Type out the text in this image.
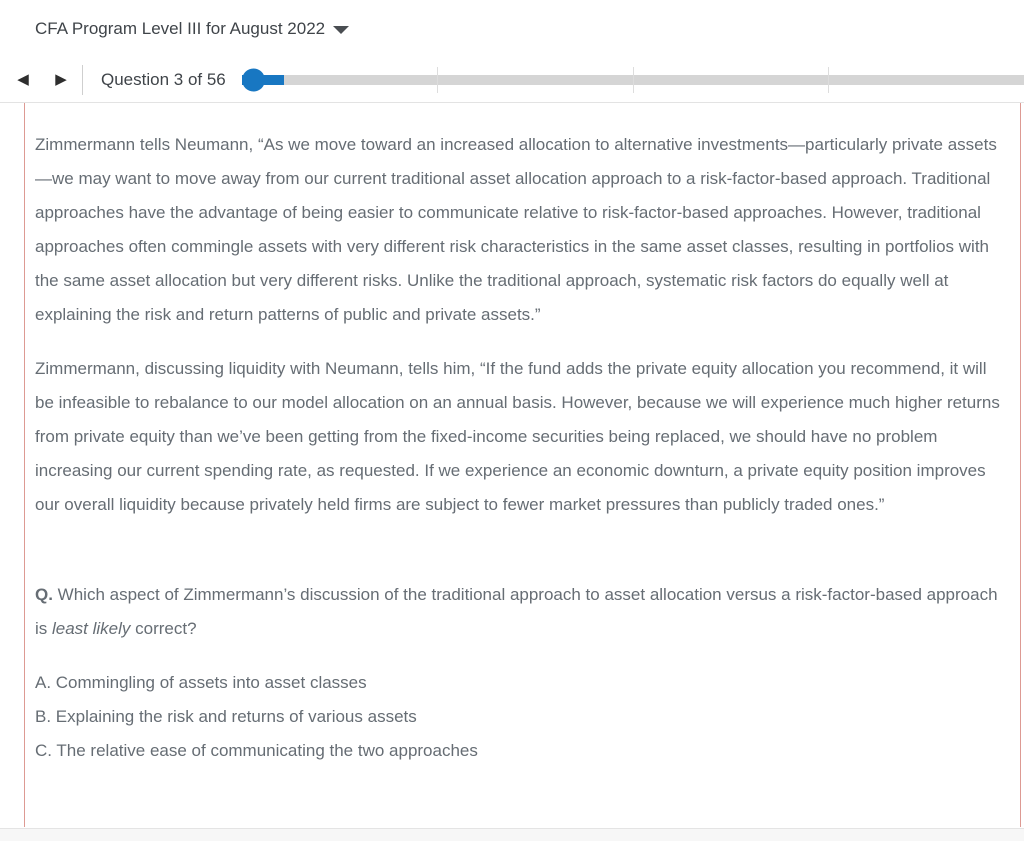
CFA Program Level III for August 2022
◀	▶	Question 3 of 56

Zimmermann tells Neumann, “As we move toward an increased allocation to alternative investments—particularly private assets—we may want to move away from our current traditional asset allocation approach to a risk-factor-based approach. Traditional approaches have the advantage of being easier to communicate relative to risk-factor-based approaches. However, traditional approaches often commingle assets with very different risk characteristics in the same asset classes, resulting in portfolios with the same asset allocation but very different risks. Unlike the traditional approach, systematic risk factors do equally well at explaining the risk and return patterns of public and private assets.”

Zimmermann, discussing liquidity with Neumann, tells him, “If the fund adds the private equity allocation you recommend, it will be infeasible to rebalance to our model allocation on an annual basis. However, because we will experience much higher returns from private equity than we’ve been getting from the fixed-income securities being replaced, we should have no problem increasing our current spending rate, as requested. If we experience an economic downturn, a private equity position improves our overall liquidity because privately held firms are subject to fewer market pressures than publicly traded ones.”

Q. Which aspect of Zimmermann’s discussion of the traditional approach to asset allocation versus a risk-factor-based approach is least likely correct?

A. Commingling of assets into asset classes
B. Explaining the risk and returns of various assets
C. The relative ease of communicating the two approaches
